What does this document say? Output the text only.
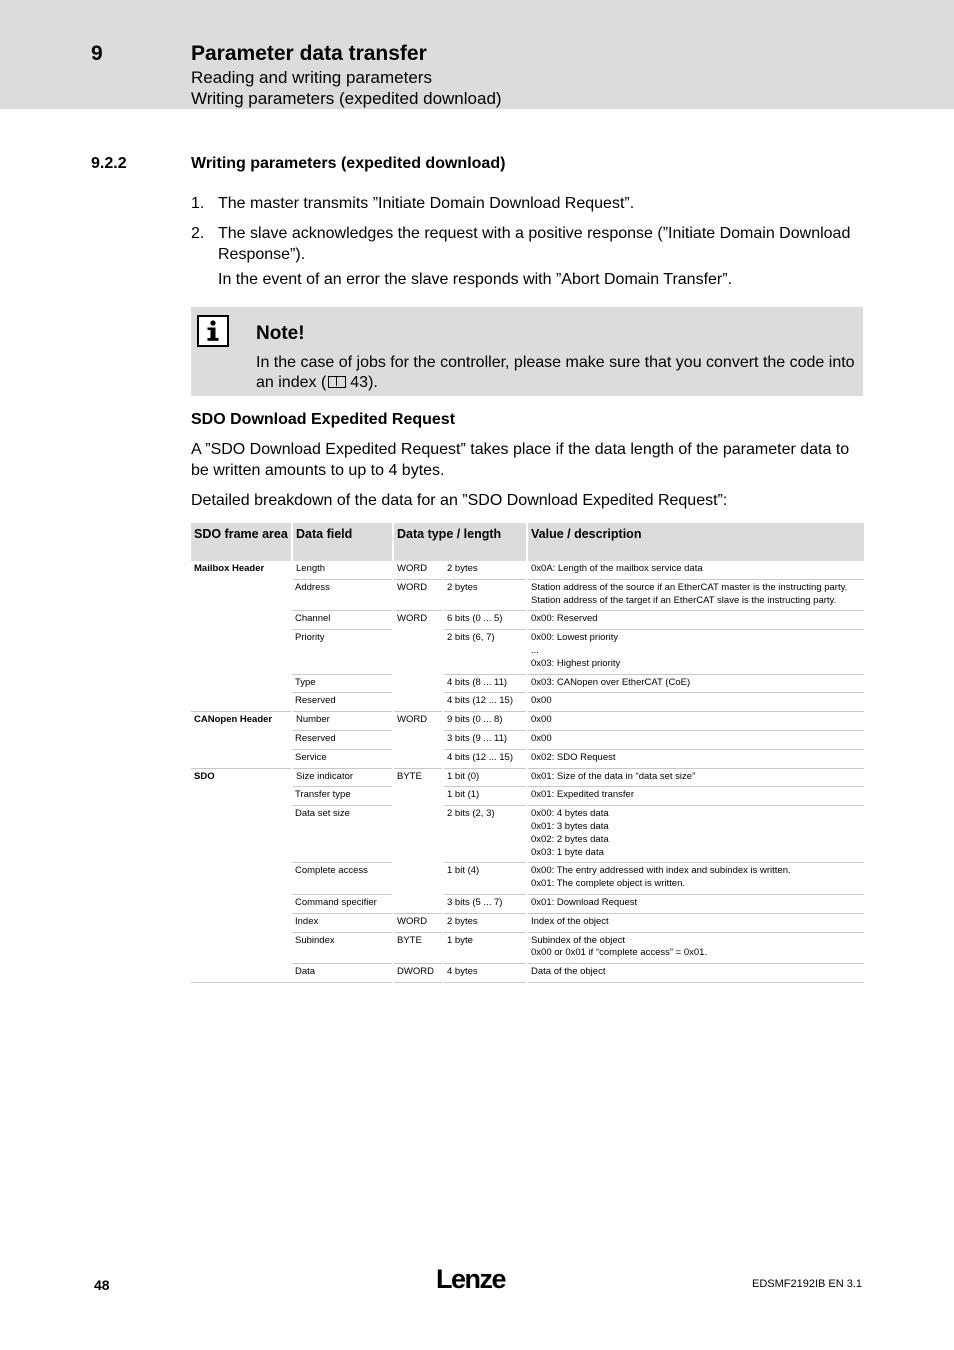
9	Parameter data transfer
Reading and writing parameters
Writing parameters (expedited download)
9.2.2	Writing parameters (expedited download)
1. The master transmits ”Initiate Domain Download Request”.
2. The slave acknowledges the request with a positive response (”Initiate Domain Download Response”).
In the event of an error the slave responds with ”Abort Domain Transfer”.
Note!
In the case of jobs for the controller, please make sure that you convert the code into an index ( 43).
SDO Download Expedited Request
A ”SDO Download Expedited Request” takes place if the data length of the parameter data to be written amounts to up to 4 bytes.
Detailed breakdown of the data for an ”SDO Download Expedited Request”:
SDO frame area	Data field	Data type / length		Value / description
Mailbox Header	Length	WORD	2 bytes	0x0A: Length of the mailbox service data
	Address	WORD	2 bytes	Station address of the source if an EtherCAT master is the instructing party.
Station address of the target if an EtherCAT slave is the instructing party.
	Channel	WORD	6 bits (0 ... 5)	0x00: Reserved
	Priority		2 bits (6, 7)	0x00: Lowest priority
...
0x03: Highest priority
	Type		4 bits (8 ... 11)	0x03: CANopen over EtherCAT (CoE)
	Reserved		4 bits (12 ... 15)	0x00
CANopen Header	Number	WORD	9 bits (0 ... 8)	0x00
	Reserved		3 bits (9 ... 11)	0x00
	Service		4 bits (12 ... 15)	0x02: SDO Request
SDO	Size indicator	BYTE	1 bit (0)	0x01: Size of the data in “data set size”
	Transfer type		1 bit (1)	0x01: Expedited transfer
	Data set size		2 bits (2, 3)	0x00: 4 bytes data
0x01: 3 bytes data
0x02: 2 bytes data
0x03: 1 byte data
	Complete access		1 bit (4)	0x00: The entry addressed with index and subindex is written.
0x01: The complete object is written.
	Command specifier		3 bits (5 ... 7)	0x01: Download Request
	Index	WORD	2 bytes	Index of the object
	Subindex	BYTE	1 byte	Subindex of the object
0x00 or 0x01 if “complete access” = 0x01.
	Data	DWORD	4 bytes	Data of the object
48	Lenze	EDSMF2192IB EN 3.1
